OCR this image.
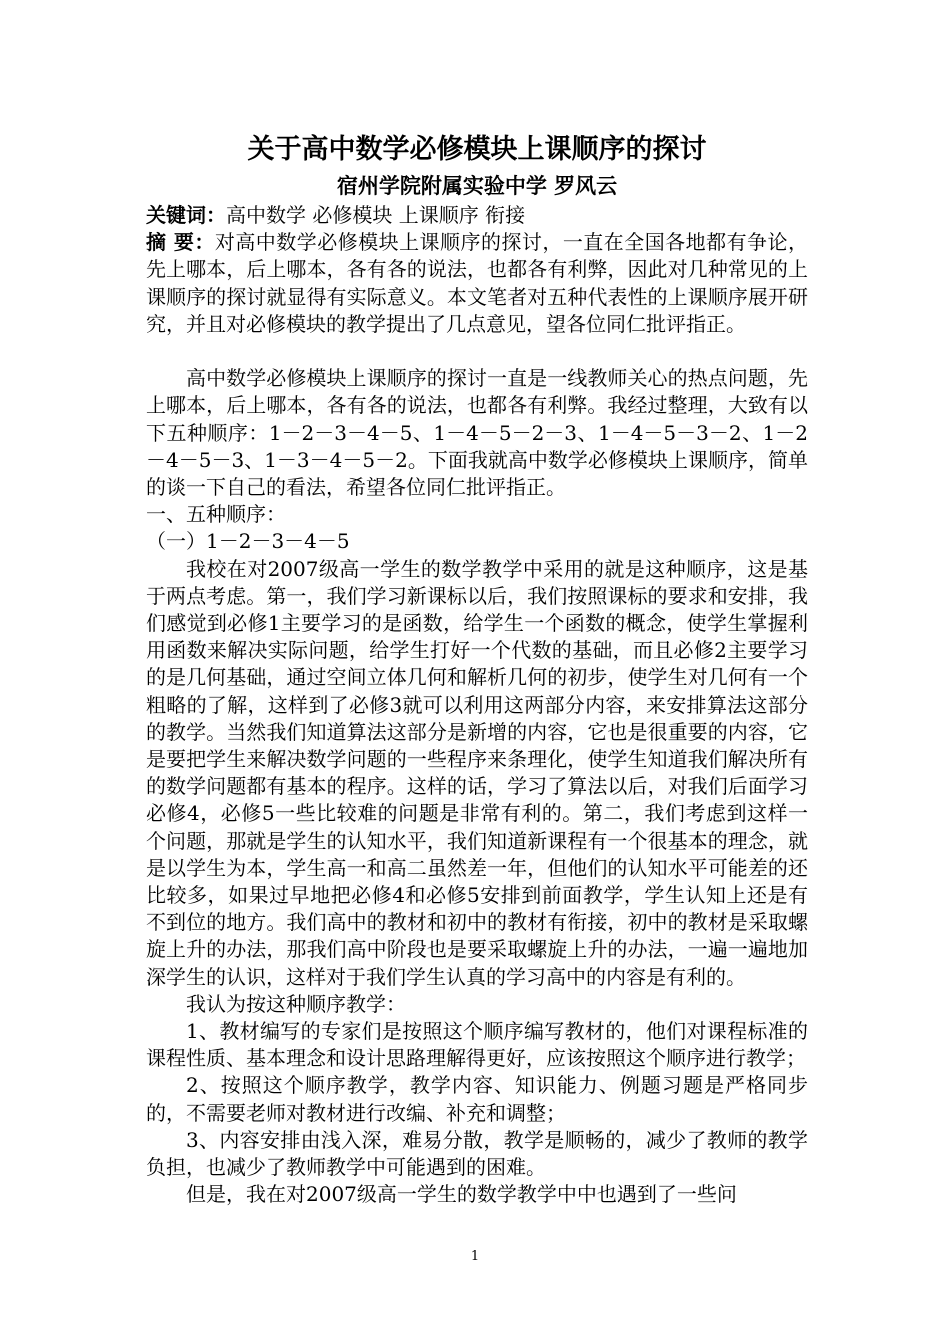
关于高中数学必修模块上课顺序的探讨
宿州学院附属实验中学 罗风云

关键词：高中数学 必修模块 上课顺序 衔接

摘 要：对高中数学必修模块上课顺序的探讨，一直在全国各地都有争论，先上哪本，后上哪本，各有各的说法，也都各有利弊，因此对几种常见的上课顺序的探讨就显得有实际意义。本文笔者对五种代表性的上课顺序展开研究，并且对必修模块的教学提出了几点意见，望各位同仁批评指正。

高中数学必修模块上课顺序的探讨一直是一线教师关心的热点问题，先上哪本，后上哪本，各有各的说法，也都各有利弊。我经过整理，大致有以下五种顺序：1－2－3－4－5、1－4－5－2－3、1－4－5－3－2、1－2－4－5－3、1－3－4－5－2。下面我就高中数学必修模块上课顺序，简单的谈一下自己的看法，希望各位同仁批评指正。

一、五种顺序：

（一）1－2－3－4－5

我校在对2007级高一学生的数学教学中采用的就是这种顺序，这是基于两点考虑。第一，我们学习新课标以后，我们按照课标的要求和安排，我们感觉到必修1主要学习的是函数，给学生一个函数的概念，使学生掌握利用函数来解决实际问题，给学生打好一个代数的基础，而且必修2主要学习的是几何基础，通过空间立体几何和解析几何的初步，使学生对几何有一个粗略的了解，这样到了必修3就可以利用这两部分内容，来安排算法这部分的教学。当然我们知道算法这部分是新增的内容，它也是很重要的内容，它是要把学生来解决数学问题的一些程序来条理化，使学生知道我们解决所有的数学问题都有基本的程序。这样的话，学习了算法以后，对我们后面学习必修4，必修5一些比较难的问题是非常有利的。第二，我们考虑到这样一个问题，那就是学生的认知水平，我们知道新课程有一个很基本的理念，就是以学生为本，学生高一和高二虽然差一年，但他们的认知水平可能差的还比较多，如果过早地把必修4和必修5安排到前面教学，学生认知上还是有不到位的地方。我们高中的教材和初中的教材有衔接，初中的教材是采取螺旋上升的办法，那我们高中阶段也是要采取螺旋上升的办法，一遍一遍地加深学生的认识，这样对于我们学生认真的学习高中的内容是有利的。

我认为按这种顺序教学：

1、教材编写的专家们是按照这个顺序编写教材的，他们对课程标准的课程性质、基本理念和设计思路理解得更好，应该按照这个顺序进行教学；

2、按照这个顺序教学，教学内容、知识能力、例题习题是严格同步的，不需要老师对教材进行改编、补充和调整；

3、内容安排由浅入深，难易分散，教学是顺畅的，减少了教师的教学负担，也减少了教师教学中可能遇到的困难。

但是，我在对2007级高一学生的数学教学中中也遇到了一些问

1
